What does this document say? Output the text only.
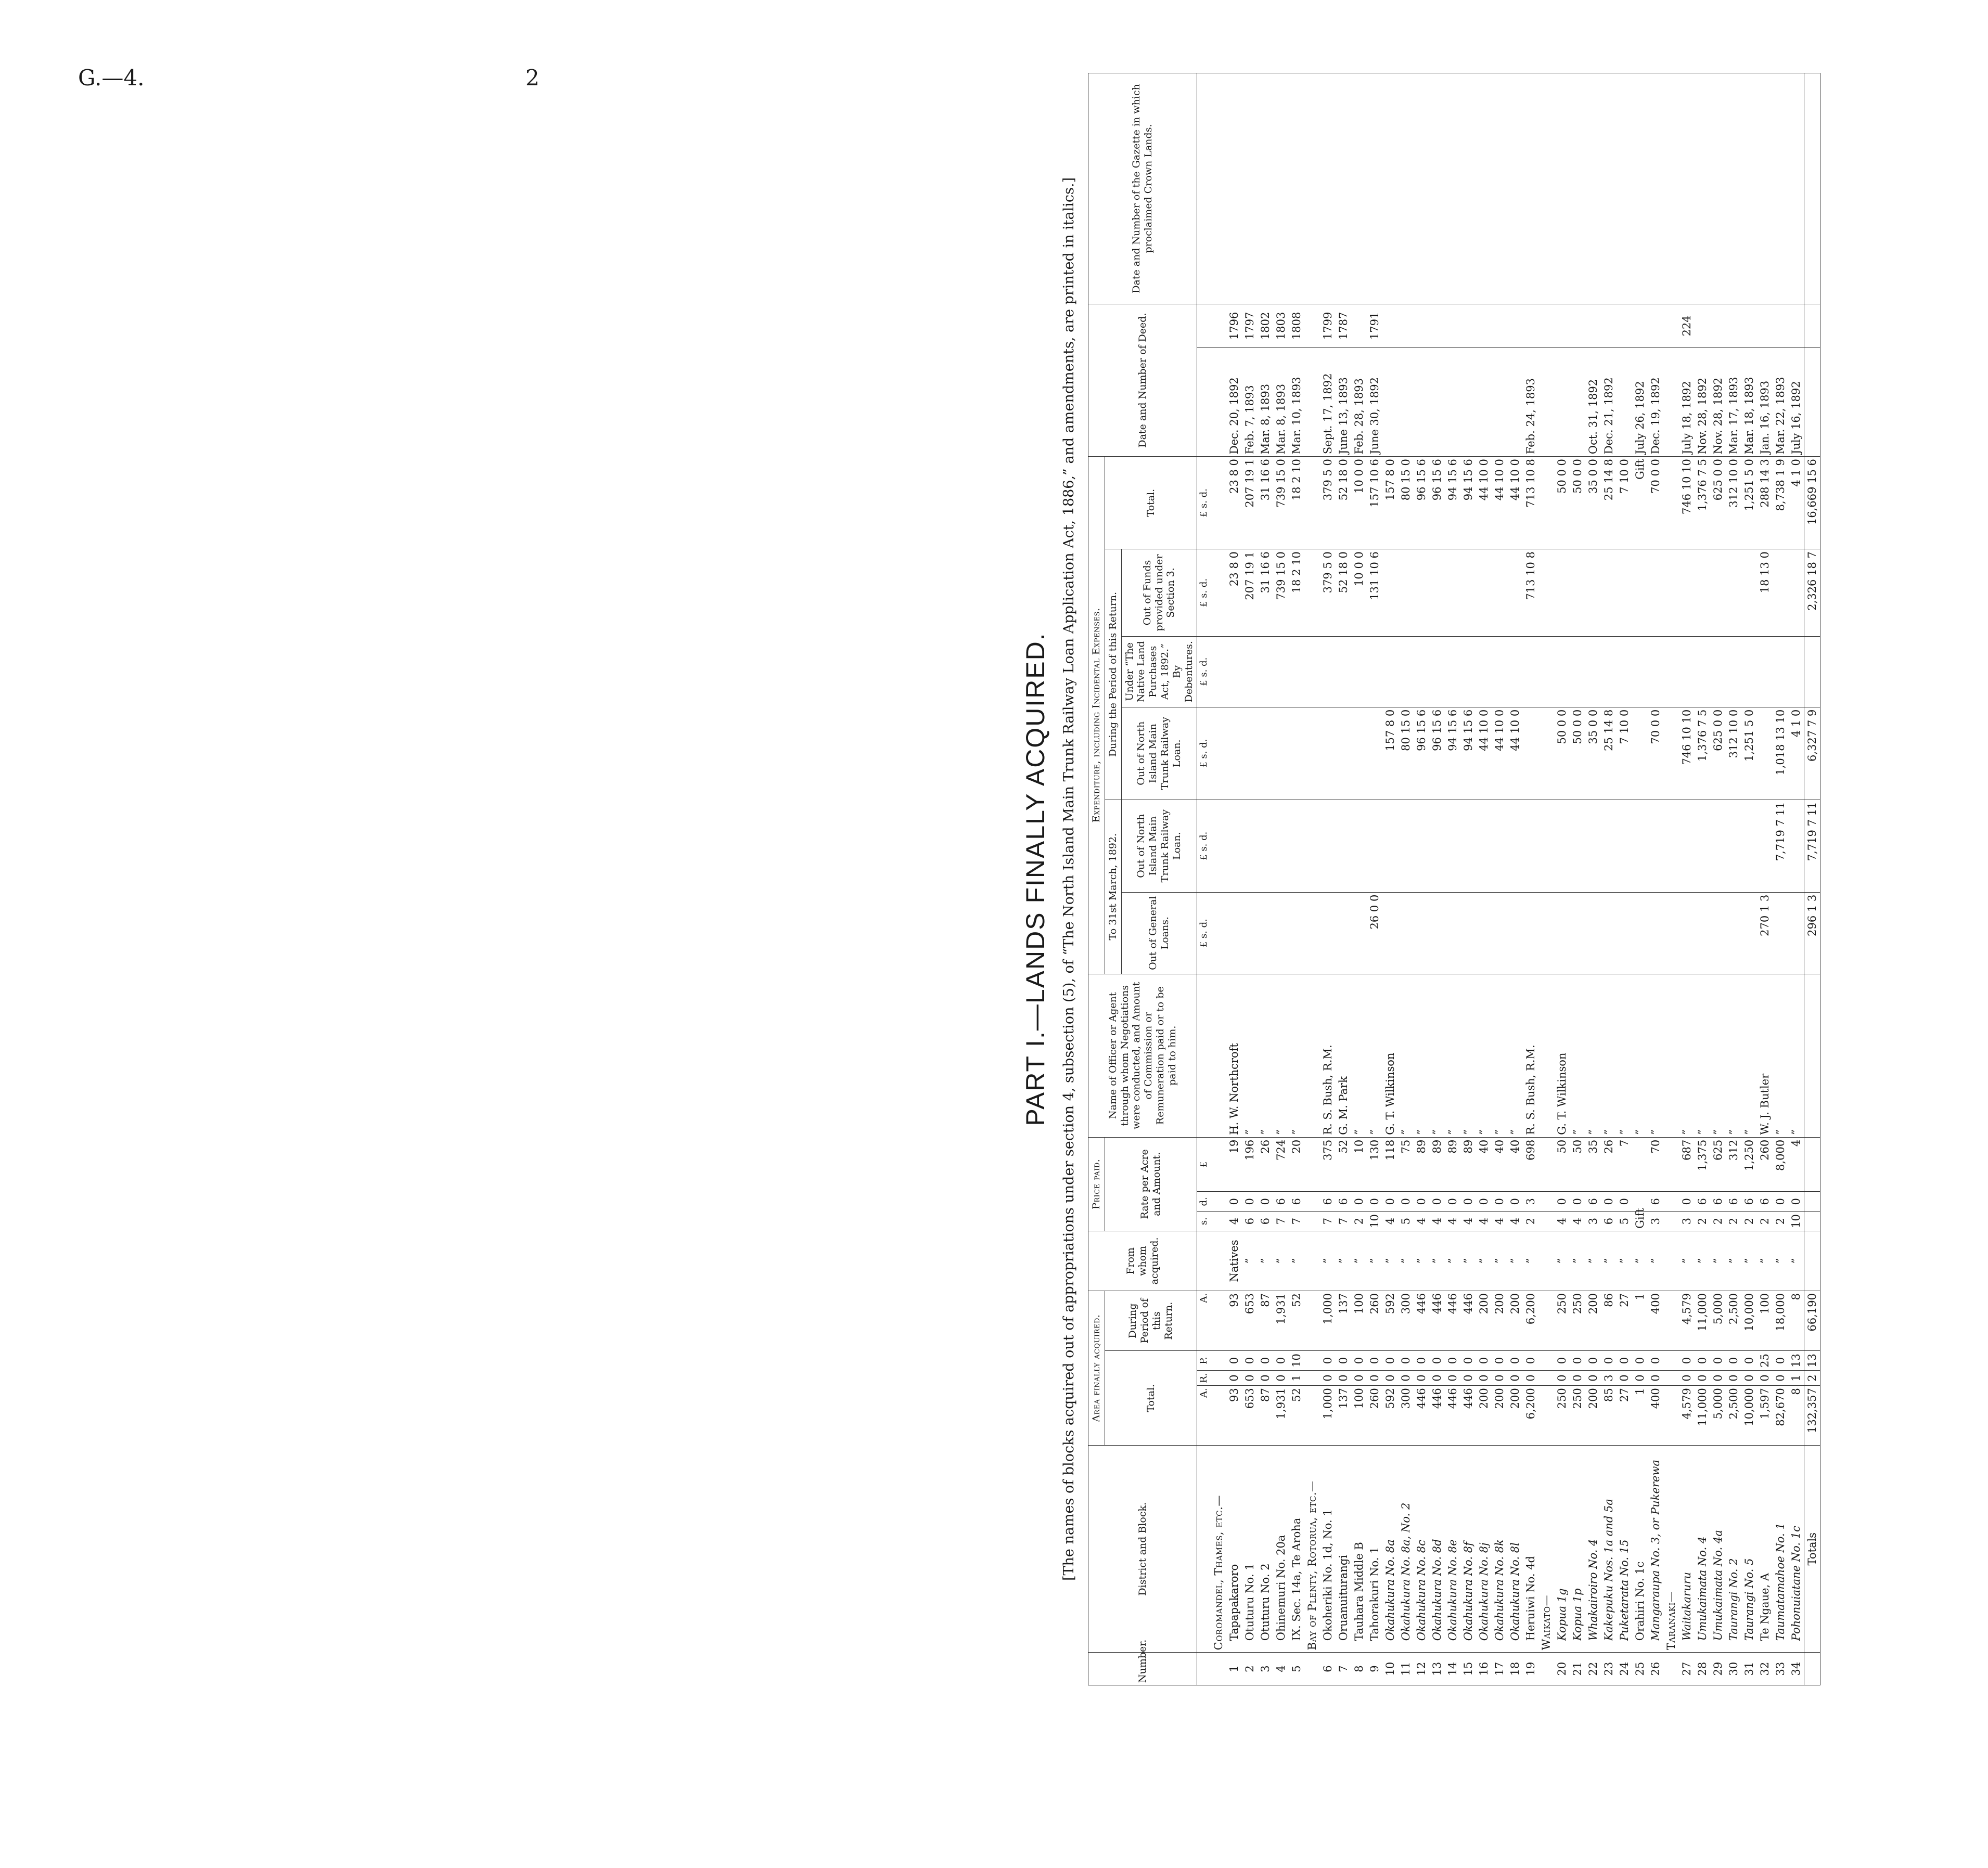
G.—4.	2
PART I.—LANDS FINALLY ACQUIRED. [The names of blocks acquired out of appropriations under section 4, subsection (5), of “The North Island Main Trunk Railway Loan Application Act, 1886,” and amendments, are printed in italics.]
Number.	District and Block.	Area finally acquired.				From whom acquired.	Price paid.			Name of Officer or Agent through whom Negotiations were conducted, and Amount of Commission or Remuneration paid or to be paid to him.	Expenditure, including Incidental Expenses.						Date and Number of Deed.		Date and Number of the Gazette in which proclaimed Crown Lands.
		Total.			During Period of this Return.		Rate per Acre and Amount.				To 31st March, 1892.		During the Period of this Return.			Total.			
											Out of General Loans.	Out of North Island Main Trunk Railway Loan.	Out of North Island Main Trunk Railway Loan.	Under “The Native Land Purchases Act, 1892.”
By Debentures.	Out of Funds provided under Section 3.				
		A.	R.	P.	A.		s.	d.	£		£ s. d.	£ s. d.	£ s. d.	£ s. d.	£ s. d.	£ s. d.			
	Coromandel, Thames, etc.—																		
1	Tapapakaroro	93	0	0	93	Natives	4	0	19	H. W. Northcroft					23 8 0	23 8 0	Dec. 20, 1892	1796	
2	Otuturu No. 1	653	0	0	653	”	6	0	196	”					207 19 1	207 19 1	Feb. 7, 1893	1797	
3	Otuturu No. 2	87	0	0	87	”	6	0	26	”					31 16 6	31 16 6	Mar. 8, 1893	1802	
4	Ohinemuri No. 20a	1,931	0	0	1,931	”	7	6	724	”					739 15 0	739 15 0	Mar. 8, 1893	1803	
5	IX. Sec. 14a, Te Aroha	52	1	10	52	”	7	6	20	”					18 2 10	18 2 10	Mar. 10, 1893	1808	
	Bay of Plenty, Rotorua, etc.—																		
6	Okoheriki No. 1d, No. 1	1,000	0	0	1,000	”	7	6	375	R. S. Bush, R.M.					379 5 0	379 5 0	Sept. 17, 1892	1799	
7	Oruanuiturangi	137	0	0	137	”	7	6	52	G. M. Park					52 18 0	52 18 0	June 13, 1893	1787	
8	Tauhara Middle B	100	0	0	100	”	2	0	10	”					10 0 0	10 0 0	Feb. 28, 1893		
9	Tahorakuri No. 1	260	0	0	260	”	10	0	130	”	26 0 0				131 10 6	157 10 6	June 30, 1892	1791	
10	Okahukura No. 8a	592	0	0	592	”	4	0	118	G. T. Wilkinson			157 8 0			157 8 0			
11	Okahukura No. 8a, No. 2	300	0	0	300	”	5	0	75	”			80 15 0			80 15 0			
12	Okahukura No. 8c	446	0	0	446	”	4	0	89	”			96 15 6			96 15 6			
13	Okahukura No. 8d	446	0	0	446	”	4	0	89	”			96 15 6			96 15 6			
14	Okahukura No. 8e	446	0	0	446	”	4	0	89	”			94 15 6			94 15 6			
15	Okahukura No. 8f	446	0	0	446	”	4	0	89	”			94 15 6			94 15 6			
16	Okahukura No. 8j	200	0	0	200	”	4	0	40	”			44 10 0			44 10 0			
17	Okahukura No. 8k	200	0	0	200	”	4	0	40	”			44 10 0			44 10 0			
18	Okahukura No. 8l	200	0	0	200	”	4	0	40	”			44 10 0			44 10 0			
19	Heruiwi No. 4d	6,200	0	0	6,200	”	2	3	698	R. S. Bush, R.M.					713 10 8	713 10 8	Feb. 24, 1893		
	Waikato—																		
20	Kopua 1g	250	0	0	250	”	4	0	50	G. T. Wilkinson			50 0 0			50 0 0			
21	Kopua 1p	250	0	0	250	”	4	0	50	”			50 0 0			50 0 0			
22	Whakairoiro No. 4	200	0	0	200	”	3	6	35	”			35 0 0			35 0 0	Oct. 31, 1892		
23	Kakepuku Nos. 1a and 5a	85	3	0	86	”	6	0	26	”			25 14 8			25 14 8	Dec. 21, 1892		
24	Puketarata No. 15	27	0	0	27	”	5	0	7	”			7 10 0			7 10 0			
25	Orahiri No. 1c	1	0	0	1	”	Gift			”						Gift	July 26, 1892		
26	Mangaraupa No. 3, or Pukerewa	400	0	0	400	”	3	6	70	”			70 0 0			70 0 0	Dec. 19, 1892		
	Taranaki—																		
27	Waitakaruru	4,579	0	0	4,579	”	3	0	687	”			746 10 10			746 10 10	July 18, 1892	224	
28	Umukaimata No. 4	11,000	0	0	11,000	”	2	6	1,375	”			1,376 7 5			1,376 7 5	Nov. 28, 1892		
29	Umukaimata No. 4a	5,000	0	0	5,000	”	2	6	625	”			625 0 0			625 0 0	Nov. 28, 1892		
30	Taurangi No. 2	2,500	0	0	2,500	”	2	6	312	”			312 10 0			312 10 0	Mar. 17, 1893		
31	Taurangi No. 5	10,000	0	0	10,000	”	2	6	1,250	”			1,251 5 0			1,251 5 0	Mar. 18, 1893		
32	Te Ngaue, A	1,597	0	25	100	”	2	6	260	W. J. Butler	270 1 3				18 13 0	288 14 3	Jan. 16, 1893		
33	Taumatamahoe No. 1	82,670	0	0	18,000	”	2	0	8,000	”		7,719 7 11	1,018 13 10			8,738 1 9	Mar. 22, 1893		
34	Pohonuiatane No. 1c	8	1	13	8	”	10	0	4	”			4 1 0			4 1 0	July 16, 1892		
	Totals	132,357	2	13	66,190						296 1 3	7,719 7 11	6,327 7 9		2,326 18 7	16,669 15 6			
